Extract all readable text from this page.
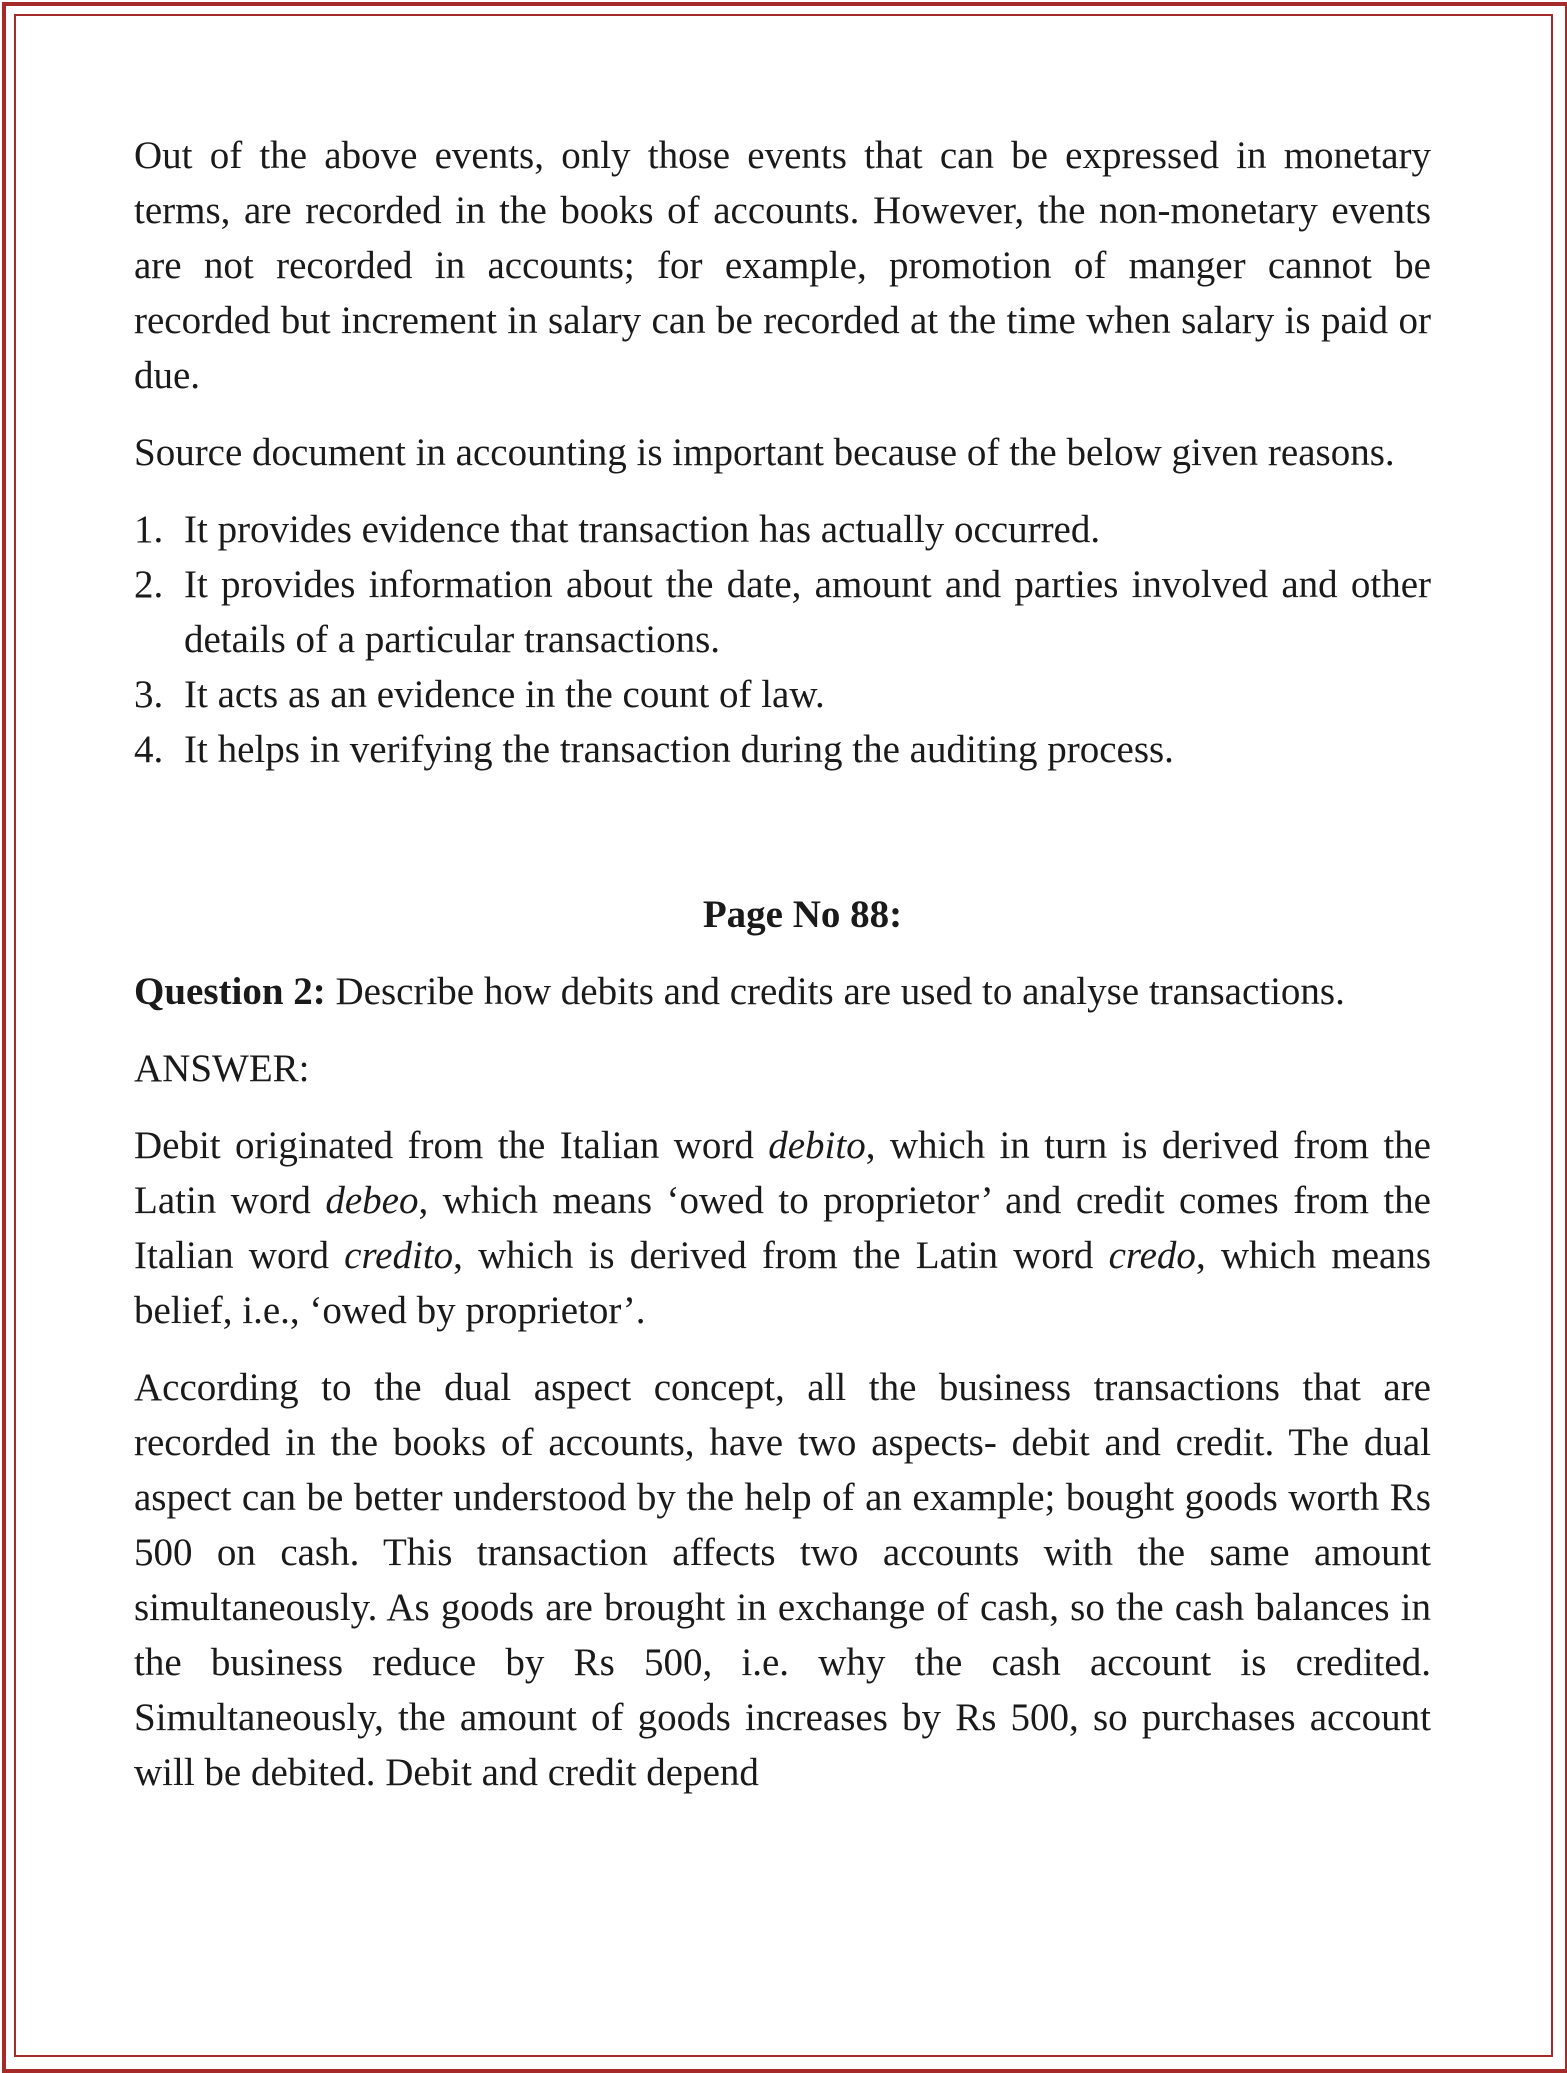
Out of the above events, only those events that can be expressed in monetary terms, are recorded in the books of accounts. However, the non-monetary events are not recorded in accounts; for example, promotion of manger cannot be recorded but increment in salary can be recorded at the time when salary is paid or due.

Source document in accounting is important because of the below given reasons.

1. It provides evidence that transaction has actually occurred.
2. It provides information about the date, amount and parties involved and other details of a particular transactions.
3. It acts as an evidence in the count of law.
4. It helps in verifying the transaction during the auditing process.

Page No 88:

Question 2: Describe how debits and credits are used to analyse transactions.

ANSWER:

Debit originated from the Italian word debito, which in turn is derived from the Latin word debeo, which means ‘owed to proprietor’ and credit comes from the Italian word credito, which is derived from the Latin word credo, which means belief, i.e., ‘owed by proprietor’.

According to the dual aspect concept, all the business transactions that are recorded in the books of accounts, have two aspects- debit and credit. The dual aspect can be better understood by the help of an example; bought goods worth Rs 500 on cash. This transaction affects two accounts with the same amount simultaneously. As goods are brought in exchange of cash, so the cash balances in the business reduce by Rs 500, i.e. why the cash account is credited. Simultaneously, the amount of goods increases by Rs 500, so purchases account will be debited. Debit and credit depend
